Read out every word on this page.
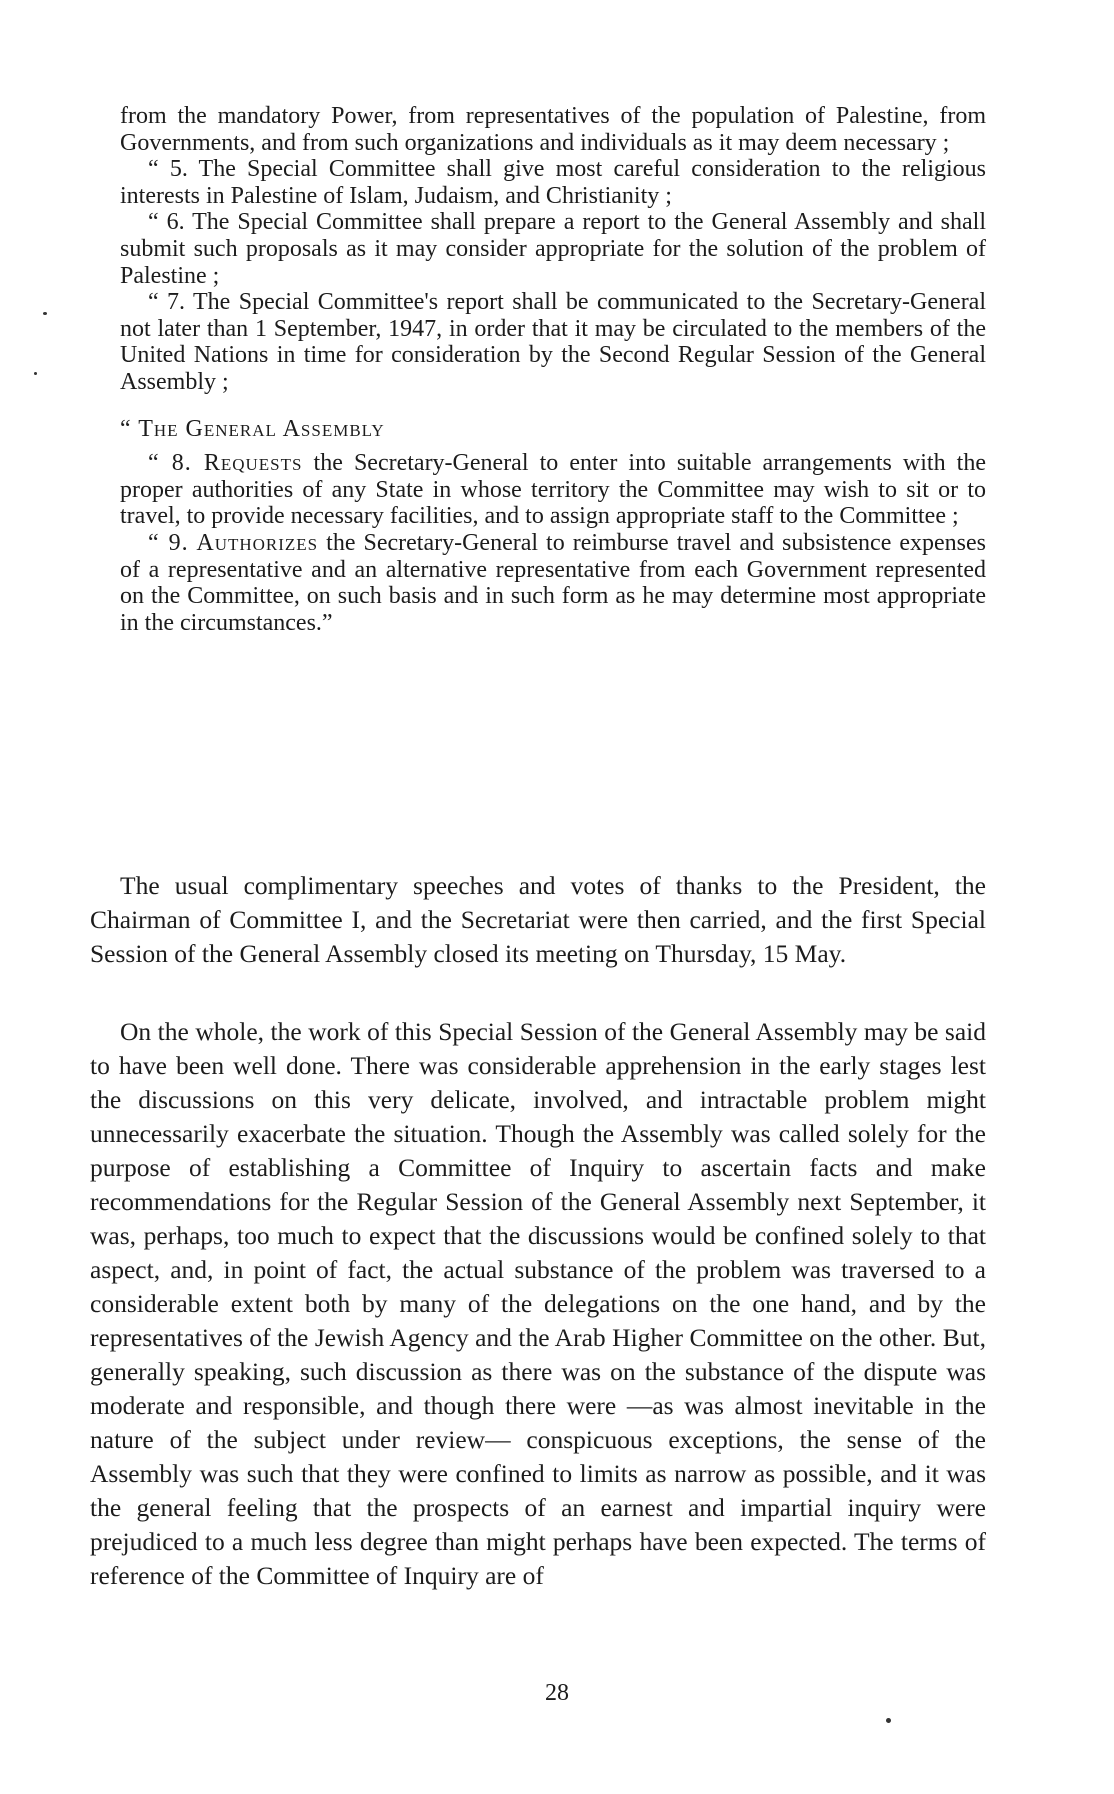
from the mandatory Power, from representatives of the population of Palestine, from Governments, and from such organizations and individuals as it may deem necessary ;

“ 5. The Special Committee shall give most careful consideration to the religious interests in Palestine of Islam, Judaism, and Christianity ;

“ 6. The Special Committee shall prepare a report to the General Assembly and shall submit such proposals as it may consider appropriate for the solution of the problem of Palestine ;

“ 7. The Special Committee's report shall be communicated to the Secretary-General not later than 1 September, 1947, in order that it may be circulated to the members of the United Nations in time for consideration by the Second Regular Session of the General Assembly ;

“ The General Assembly

“ 8. Requests the Secretary-General to enter into suitable arrangements with the proper authorities of any State in whose territory the Committee may wish to sit or to travel, to provide necessary facilities, and to assign appropriate staff to the Committee ;

“ 9. Authorizes the Secretary-General to reimburse travel and subsistence expenses of a representative and an alternative representative from each Government represented on the Committee, on such basis and in such form as he may determine most appropriate in the circumstances.”

The usual complimentary speeches and votes of thanks to the President, the Chairman of Committee I, and the Secretariat were then carried, and the first Special Session of the General Assembly closed its meeting on Thursday, 15 May.

On the whole, the work of this Special Session of the General Assembly may be said to have been well done. There was considerable apprehension in the early stages lest the discussions on this very delicate, involved, and intractable problem might unnecessarily exacerbate the situation. Though the Assembly was called solely for the purpose of establishing a Committee of Inquiry to ascertain facts and make recommendations for the Regular Session of the General Assembly next September, it was, perhaps, too much to expect that the discussions would be confined solely to that aspect, and, in point of fact, the actual substance of the problem was traversed to a considerable extent both by many of the delegations on the one hand, and by the representatives of the Jewish Agency and the Arab Higher Committee on the other. But, generally speaking, such discussion as there was on the substance of the dispute was moderate and responsible, and though there were —as was almost inevitable in the nature of the subject under review— conspicuous exceptions, the sense of the Assembly was such that they were confined to limits as narrow as possible, and it was the general feeling that the prospects of an earnest and impartial inquiry were prejudiced to a much less degree than might perhaps have been expected. The terms of reference of the Committee of Inquiry are of

28
